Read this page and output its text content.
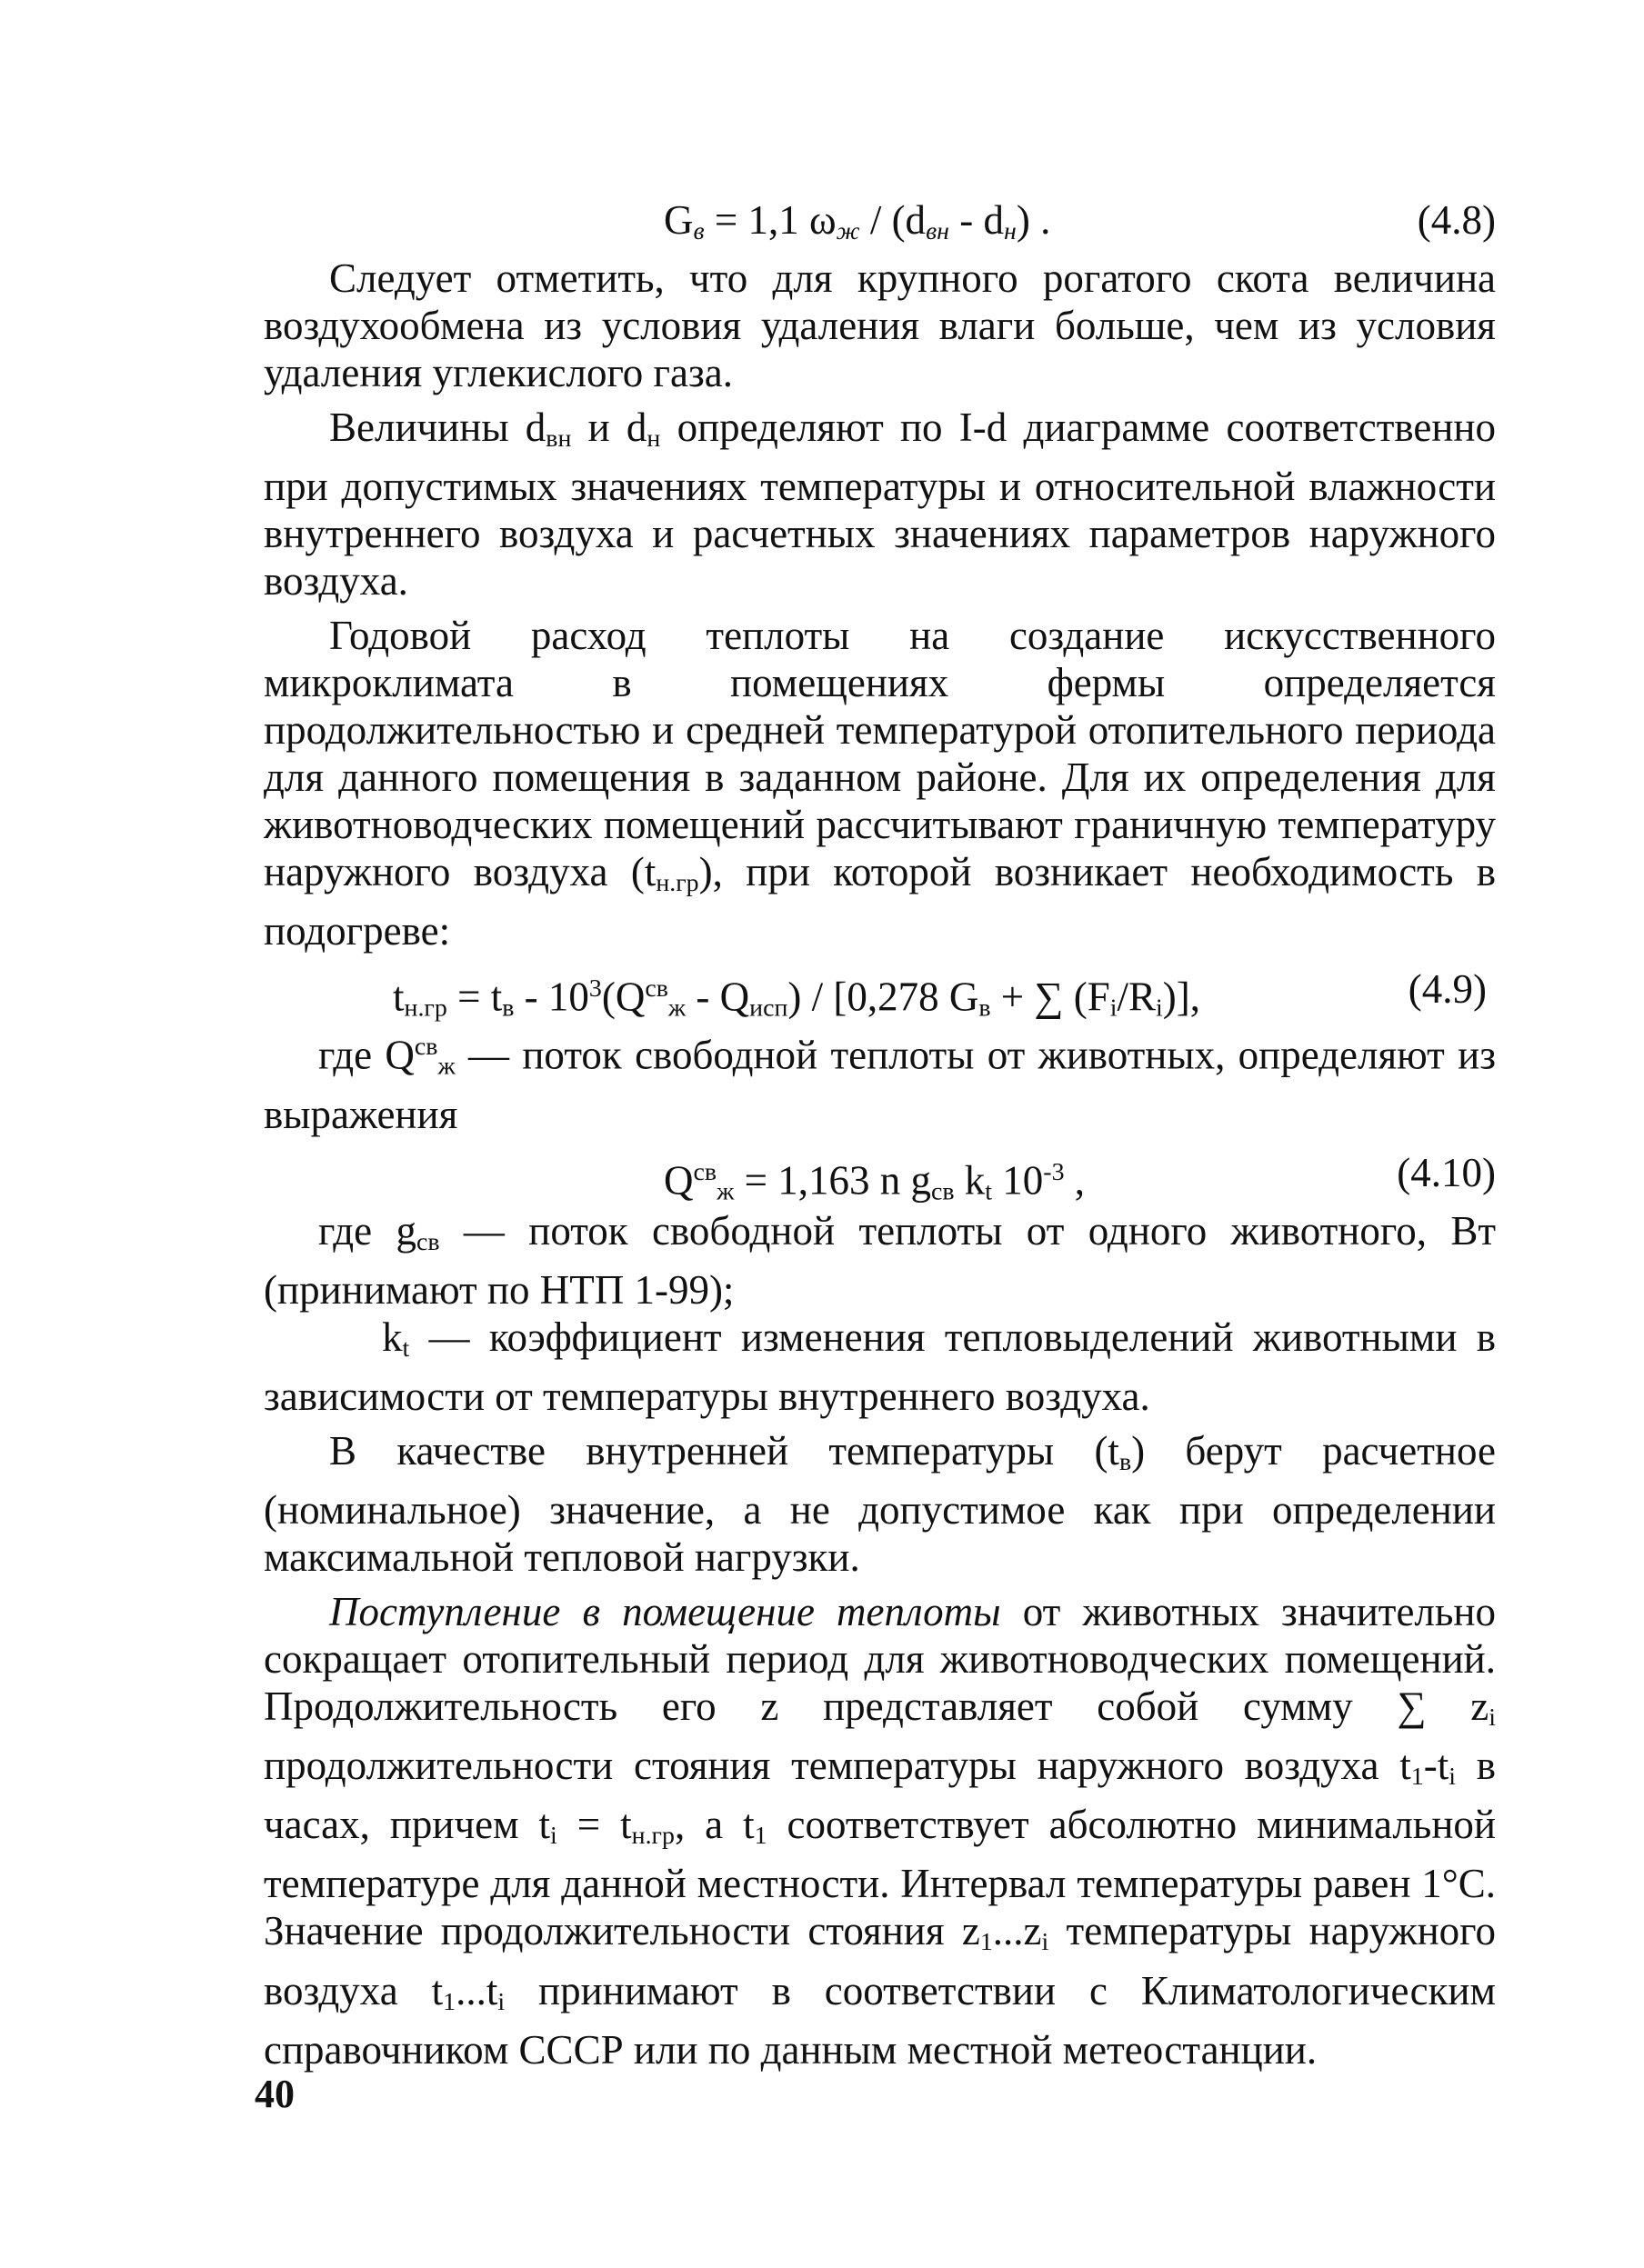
$G_в = 1,1$ $\omega_ж / (d_{вн} - d_н)$ .	(4.8)

Следует отметить, что для крупного рогатого скота величина воздухообмена из условия удаления влаги больше, чем из условия удаления углекислого газа.

Величины $d_{вн}$ и $d_н$ определяют по I-d диаграмме соответственно при допустимых значениях температуры и относительной влажности внутреннего воздуха и расчетных значениях параметров наружного воздуха.

Годовой расход теплоты на создание искусственного микроклимата в помещениях фермы определяется продолжительностью и средней температурой отопительного периода для данного помещения в заданном районе. Для их определения для животноводческих помещений рассчитывают граничную температуру наружного воздуха $(t_{н.гр})$, при которой возникает необходимость в подогреве:

$t_{н.гр} = t_в - 10^3(Q^{св}_ж - Q_{исп}) / [0,278$ $G_в$ + ∑ $(F_i/R_i)$],	(4.9)

где $Q^{св}_ж$ — поток свободной теплоты от животных, определяют из выражения

$Q^{св}_ж = 1,163$ n $g_{св}$ $k_t$ $10^{-3}$ ,	(4.10)

где $g_{св}$ — поток свободной теплоты от одного животного, Вт (принимают по НТП 1-99);

$k_t$ — коэффициент изменения тепловыделений животными в зависимости от температуры внутреннего воздуха.

В качестве внутренней температуры $(t_в)$ берут расчетное (номинальное) значение, а не допустимое как при определении максимальной тепловой нагрузки.

Поступление в помещение теплоты от животных значительно сокращает отопительный период для животноводческих помещений. Продолжительность его z представляет собой сумму ∑ $z_i$ продолжительности стояния температуры наружного воздуха $t_1-t_i$ в часах, причем $t_i = t_{н.гр}$, а $t_1$ соответствует абсолютно минимальной температуре для данной местности. Интервал температуры равен 1°С. Значение продолжительности стояния $z_1...z_i$ температуры наружного воздуха $t_1...t_i$ принимают в соответствии с Климатологическим справочником СССР или по данным местной метеостанции.

40
